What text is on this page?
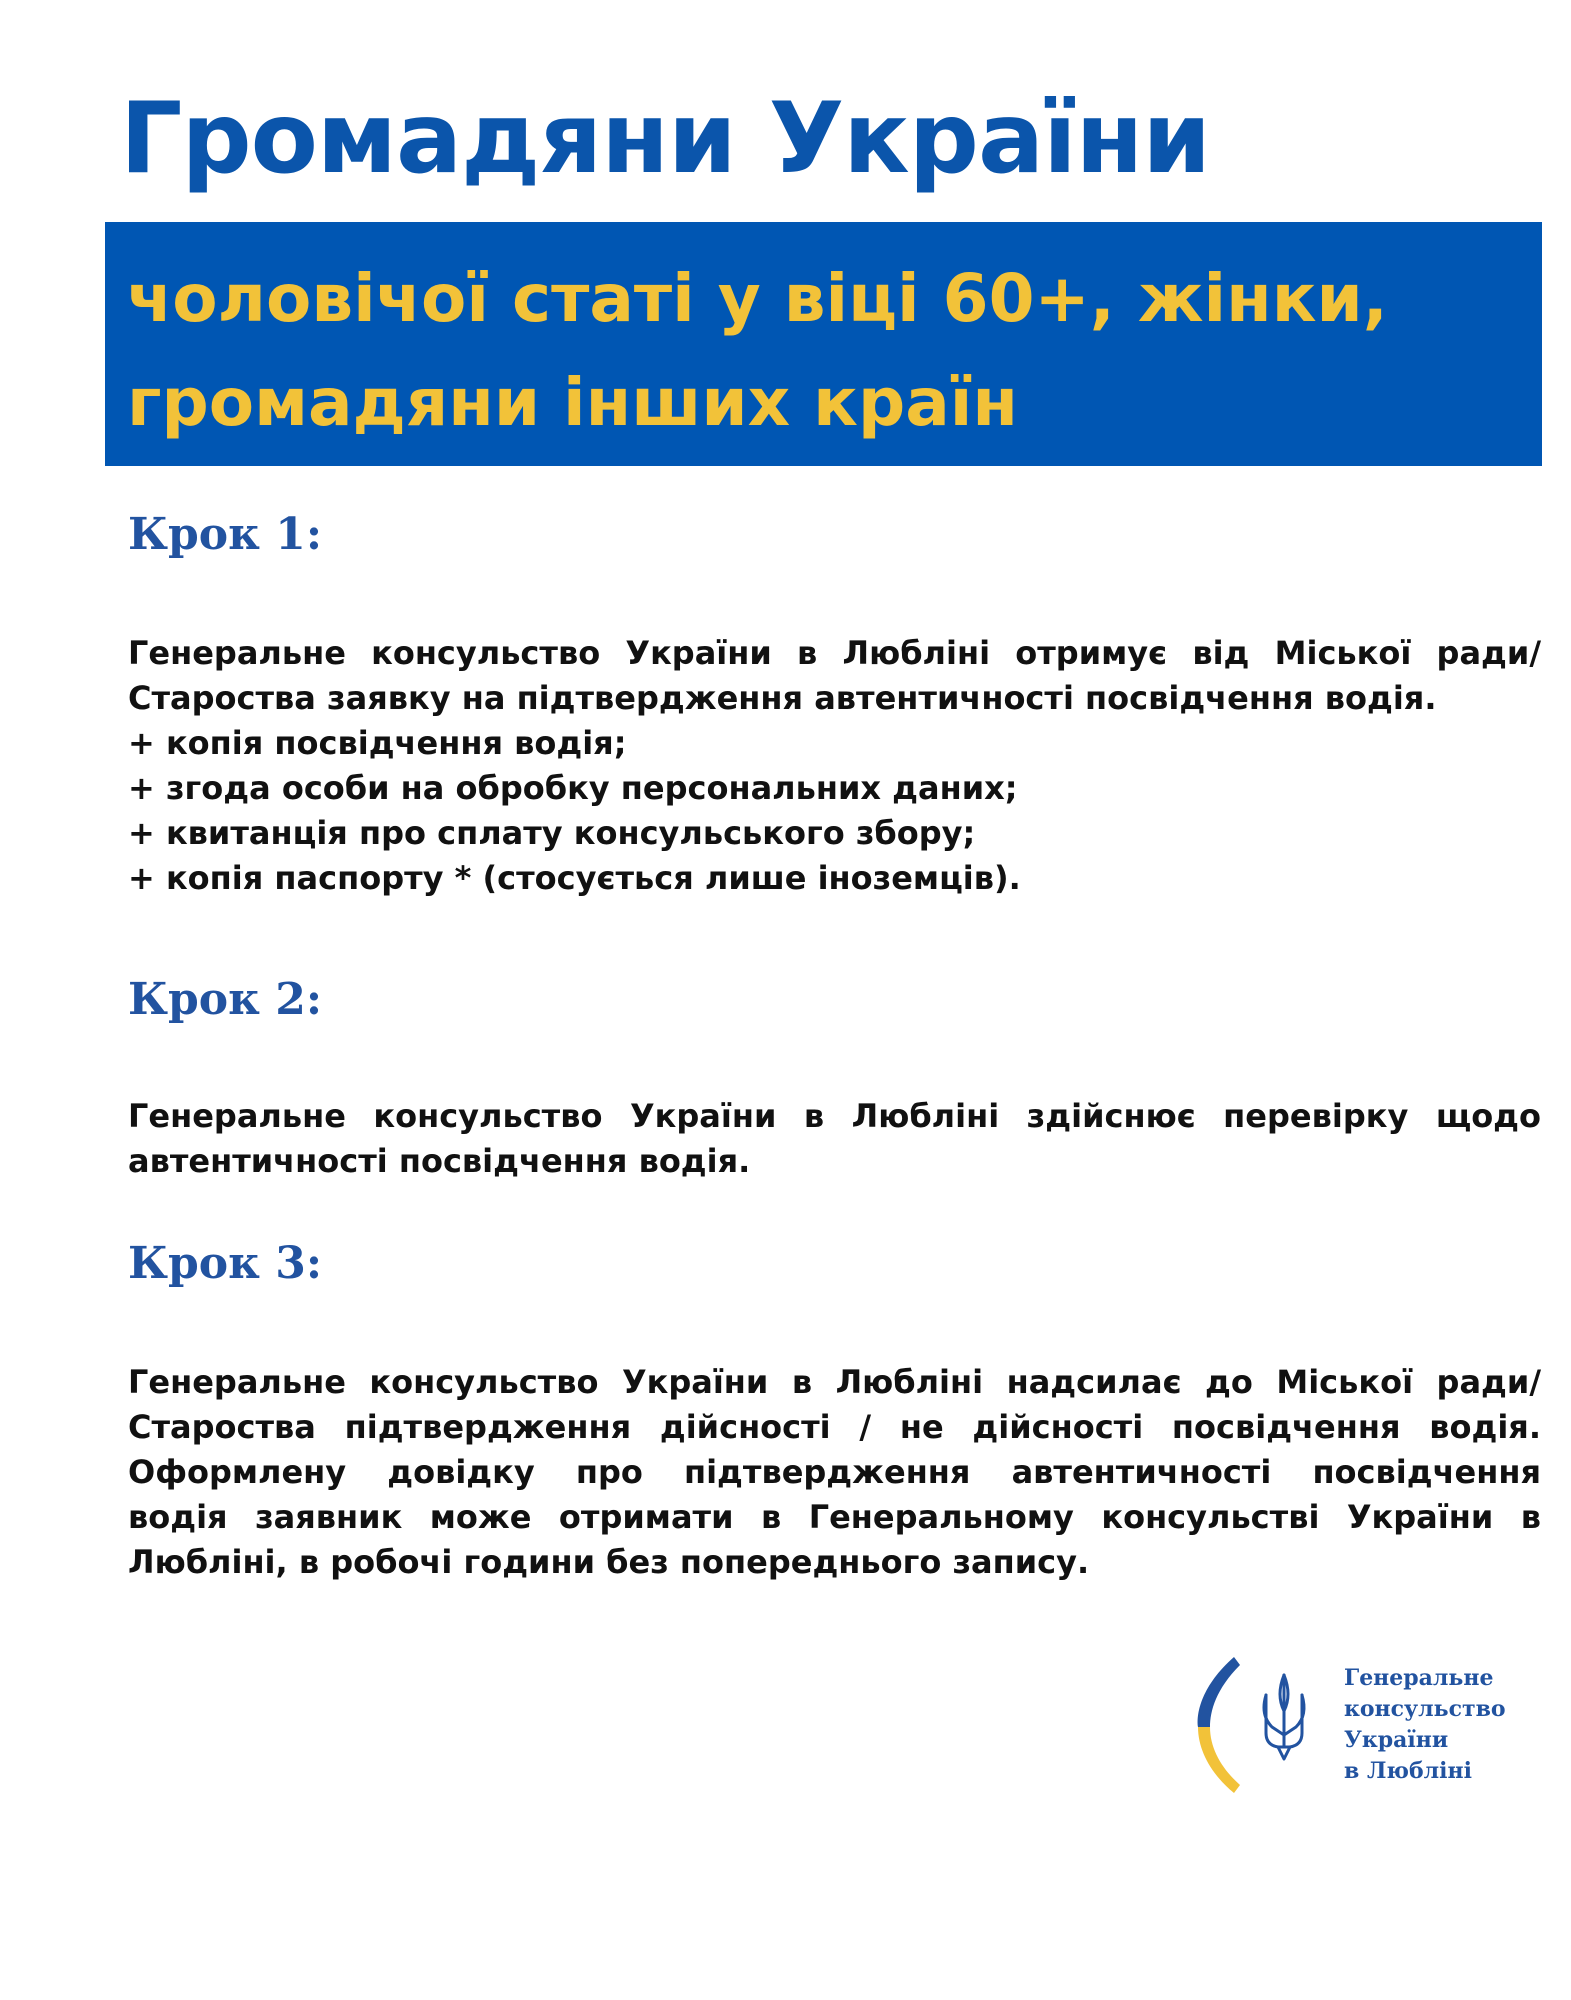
Громадяни України
чоловічої статі у віці 60+, жінки,
громадяни інших країн
Крок 1:

Генеральне консульство України в Любліні отримує від Міської ради/
Староства заявку на підтвердження автентичності посвідчення водія.
+ копія посвідчення водія;
+ згода особи на обробку персональних даних;
+ квитанція про сплату консульського збору;
+ копія паспорту * (стосується лише іноземців).

Крок 2:

Генеральне консульство України в Любліні здійснює перевірку щодо
автентичності посвідчення водія.

Крок 3:

Генеральне консульство України в Любліні надсилає до Міської ради/
Староства підтвердження дійсності / не дійсності посвідчення водія.
Оформлену довідку про підтвердження автентичності посвідчення
водія заявник може отримати в Генеральному консульстві України в
Любліні, в робочі години без попереднього запису.

Генеральне
консульство
України
в Любліні
